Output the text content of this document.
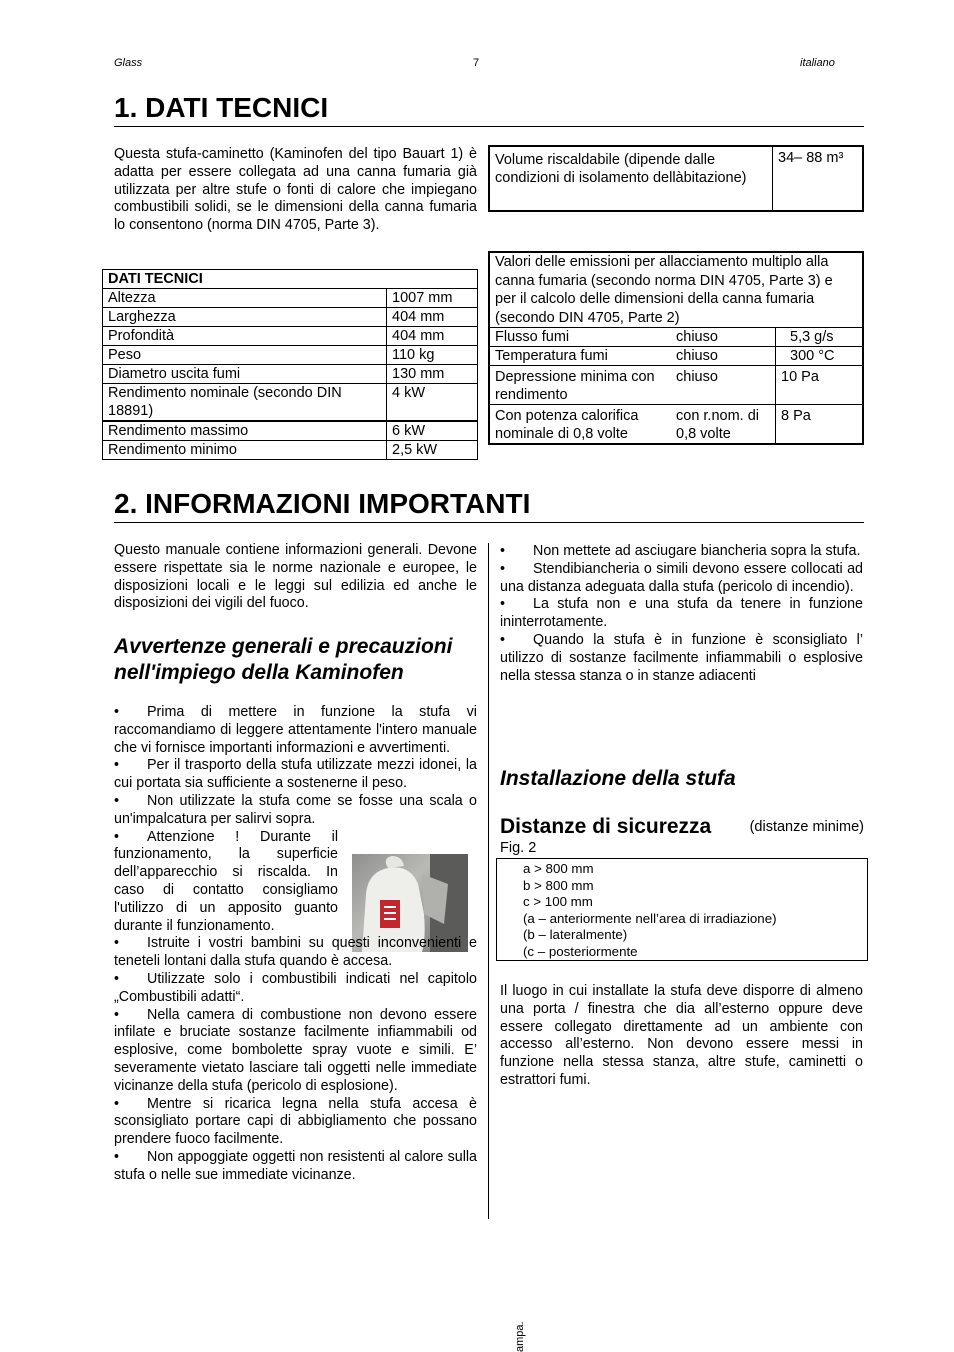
Glass	7	italiano
1. DATI TECNICI
Questa stufa-caminetto (Kaminofen del tipo Bauart 1) è adatta per essere collegata ad una canna fumaria già utilizzata per altre stufe o fonti di calore che impiegano combustibili solidi, se le dimensioni della canna fumaria lo consentono (norma DIN 4705, Parte 3).
DATI TECNICI	
Altezza	1007 mm
Larghezza	404 mm
Profondità	404 mm
Peso	110 kg
Diametro uscita fumi	130 mm
Rendimento nominale (secondo DIN 18891)	4 kW
Rendimento massimo	6 kW
Rendimento minimo	2,5 kW
Volume riscaldabile (dipende dalle condizioni di isolamento dellàbitazione)	34– 88 m³
Valori delle emissioni per allacciamento multiplo alla canna fumaria (secondo norma DIN 4705, Parte 3) e per il calcolo delle dimensioni della canna fumaria (secondo DIN 4705, Parte 2)		
Flusso fumi	chiuso	5,3 g/s
Temperatura fumi	chiuso	300 °C
Depressione minima con rendimento	chiuso	10 Pa
Con potenza calorifica nominale di 0,8 volte	con r.nom. di 0,8 volte	8 Pa
2. INFORMAZIONI IMPORTANTI
Questo manuale contiene informazioni generali. Devone essere rispettate sia le norme nazionale e europee, le disposizioni locali e le leggi sul edilizia ed anche le disposizioni dei vigili del fuoco.
Avvertenze generali e precauzioni nell'impiego della Kaminofen
• Prima di mettere in funzione la stufa vi raccomandiamo di leggere attentamente l'intero manuale che vi fornisce importanti informazioni e avvertimenti.
• Per il trasporto della stufa utilizzate mezzi idonei, la cui portata sia sufficiente a sostenerne il peso.
• Non utilizzate la stufa come se fosse una scala o un'impalcatura per salirvi sopra.
• Attenzione ! Durante il funzionamento, la superficie dell’apparecchio si riscalda. In caso di contatto consigliamo l'utilizzo di un apposito guanto durante il funzionamento.
• Istruite i vostri bambini su questi inconvenienti e teneteli lontani dalla stufa quando è accesa.
• Utilizzate solo i combustibili indicati nel capitolo „Combustibili adatti“.
• Nella camera di combustione non devono essere infilate e bruciate sostanze facilmente infiammabili od esplosive, come bombolette spray vuote e simili. E’ severamente vietato lasciare tali oggetti nelle immediate vicinanze della stufa (pericolo di esplosione).
• Mentre si ricarica legna nella stufa accesa è sconsigliato portare capi di abbigliamento che possano prendere fuoco facilmente.
• Non appoggiate oggetti non resistenti al calore sulla stufa o nelle sue immediate vicinanze.
• Non mettete ad asciugare biancheria sopra la stufa.
• Stendibiancheria o simili devono essere collocati ad una distanza adeguata dalla stufa (pericolo di incendio).
• La stufa non e una stufa da tenere in funzione ininterrotamente.
• Quando la stufa è in funzione è sconsigliato l’ utilizzo di sostanze facilmente infiammabili o esplosive nella stessa stanza o in stanze adiacenti
Installazione della stufa
Distanze di sicurezza	(distanze minime)
Fig. 2
a > 800 mm
b > 800 mm
c > 100 mm
(a – anteriormente nell’area di irradiazione)
(b – lateralmente)
(c – posteriormente
Il luogo in cui installate la stufa deve disporre di almeno una porta / finestra che dia all’esterno oppure deve essere collegato direttamente ad un ambiente con accesso all’esterno. Non devono essere messi in funzione nella stessa stanza, altre stufe, caminetti o estrattori fumi.
ampa.
